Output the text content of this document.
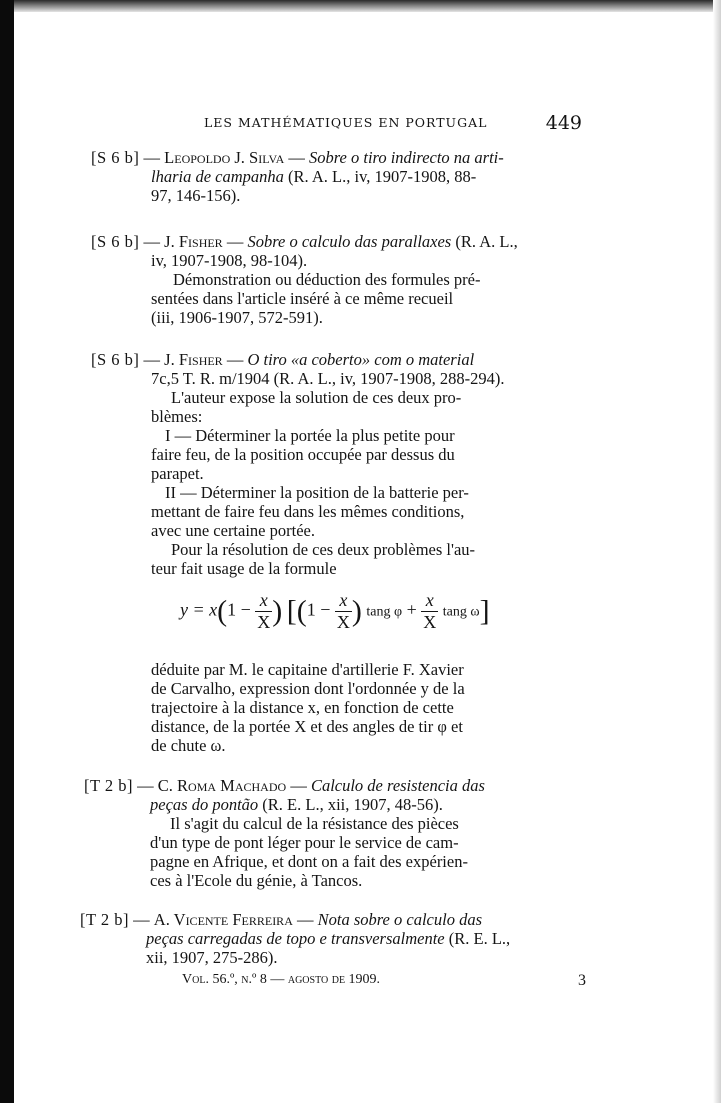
LES MATHÉMATIQUES EN PORTUGAL	449
[S 6 b] — Leopoldo J. Silva — Sobre o tiro indirecto na arti-
lharia de campanha (R. A. L., iv, 1907-1908, 88-
97, 146-156).
[S 6 b] — J. Fisher — Sobre o calculo das parallaxes (R. A. L.,
iv, 1907-1908, 98-104).
Démonstration ou déduction des formules pré-
sentées dans l'article inséré à ce même recueil
(iii, 1906-1907, 572-591).
[S 6 b] — J. Fisher — O tiro «a coberto» com o material
7c,5 T. R. m/1904 (R. A. L., iv, 1907-1908, 288-294).
L'auteur expose la solution de ces deux pro-
blèmes:
I — Déterminer la portée la plus petite pour
faire feu, de la position occupée par dessus du
parapet.
II — Déterminer la position de la batterie per-
mettant de faire feu dans les mêmes conditions,
avec une certaine portée.
Pour la résolution de ces deux problèmes l'au-
teur fait usage de la formule
$y = x(1 - \frac{x}{X}$ ) [($1 - \frac{x}{X}$ ) tang $\varphi + \frac{x}{X}$ tang ω]
déduite par M. le capitaine d'artillerie F. Xavier
de Carvalho, expression dont l'ordonnée y de la
trajectoire à la distance x, en fonction de cette
distance, de la portée X et des angles de tir φ et
de chute ω.
[T 2 b] — C. Roma Machado — Calculo de resistencia das
peças do pontão (R. E. L., xii, 1907, 48-56).
Il s'agit du calcul de la résistance des pièces
d'un type de pont léger pour le service de cam-
pagne en Afrique, et dont on a fait des expérien-
ces à l'Ecole du génie, à Tancos.
[T 2 b] — A. Vicente Ferreira — Nota sobre o calculo das
peças carregadas de topo e transversalmente (R. E. L.,
xii, 1907, 275-286).
Vol. 56.º, n.º 8 — agosto de 1909.	3
